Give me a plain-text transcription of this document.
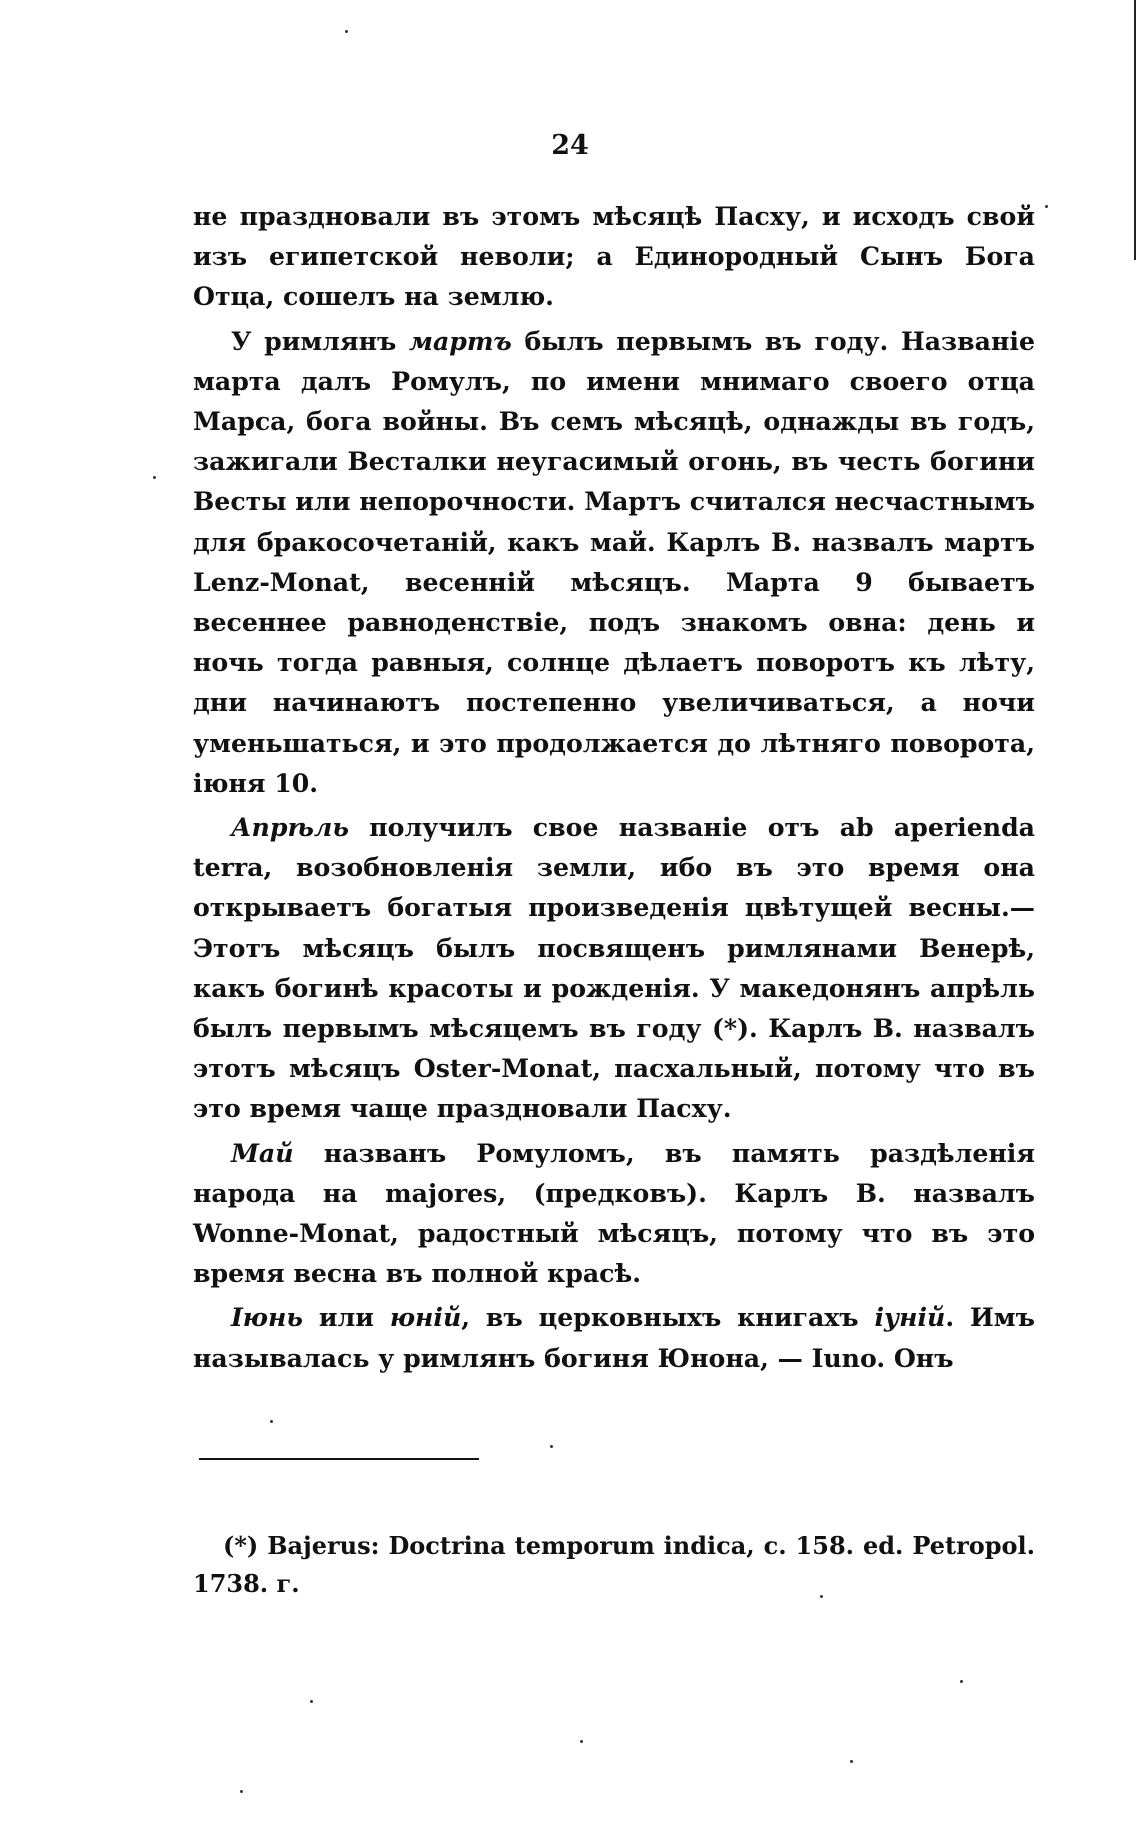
24

не праздновали въ этомъ мѣсяцѣ Пасху, и исходъ свой изъ египетской неволи; а Единородный Сынъ Бога Отца, сошелъ на землю.

У римлянъ мартъ былъ первымъ въ году. Названіе марта далъ Ромулъ, по имени мнимаго своего отца Марса, бога войны. Въ семъ мѣсяцѣ, однажды въ годъ, зажигали Весталки неугасимый огонь, въ честь богини Весты или непорочности. Мартъ считался несчастнымъ для бракосочетаній, какъ май. Карлъ В. назвалъ мартъ Lenz-Monat, весенній мѣсяцъ. Марта 9 бываетъ весеннее равноденствіе, подъ знакомъ овна: день и ночь тогда равныя, солнце дѣлаетъ поворотъ къ лѣту, дни начинаютъ постепенно увеличиваться, а ночи уменьшаться, и это продолжается до лѣтняго поворота, іюня 10.

Апрѣль получилъ свое названіе отъ ab aperienda terra, возобновленія земли, ибо въ это время она открываетъ богатыя произведенія цвѣтущей весны.—Этотъ мѣсяцъ былъ посвященъ римлянами Венерѣ, какъ богинѣ красоты и рожденія. У македонянъ апрѣль былъ первымъ мѣсяцемъ въ году (*). Карлъ В. назвалъ этотъ мѣсяцъ Oster-Monat, пасхальный, потому что въ это время чаще праздновали Пасху.

Май названъ Ромуломъ, въ память раздѣленія народа на majores, (предковъ). Карлъ В. назвалъ Wonne-Monat, радостный мѣсяцъ, потому что въ это время весна въ полной красѣ.

Іюнь или юній, въ церковныхъ книгахъ іуній. Имъ называлась у римлянъ богиня Юнона, — Iuno. Онъ

(*) Bajerus: Doctrina temporum indica, c. 158. ed. Petropol. 1738. г.
